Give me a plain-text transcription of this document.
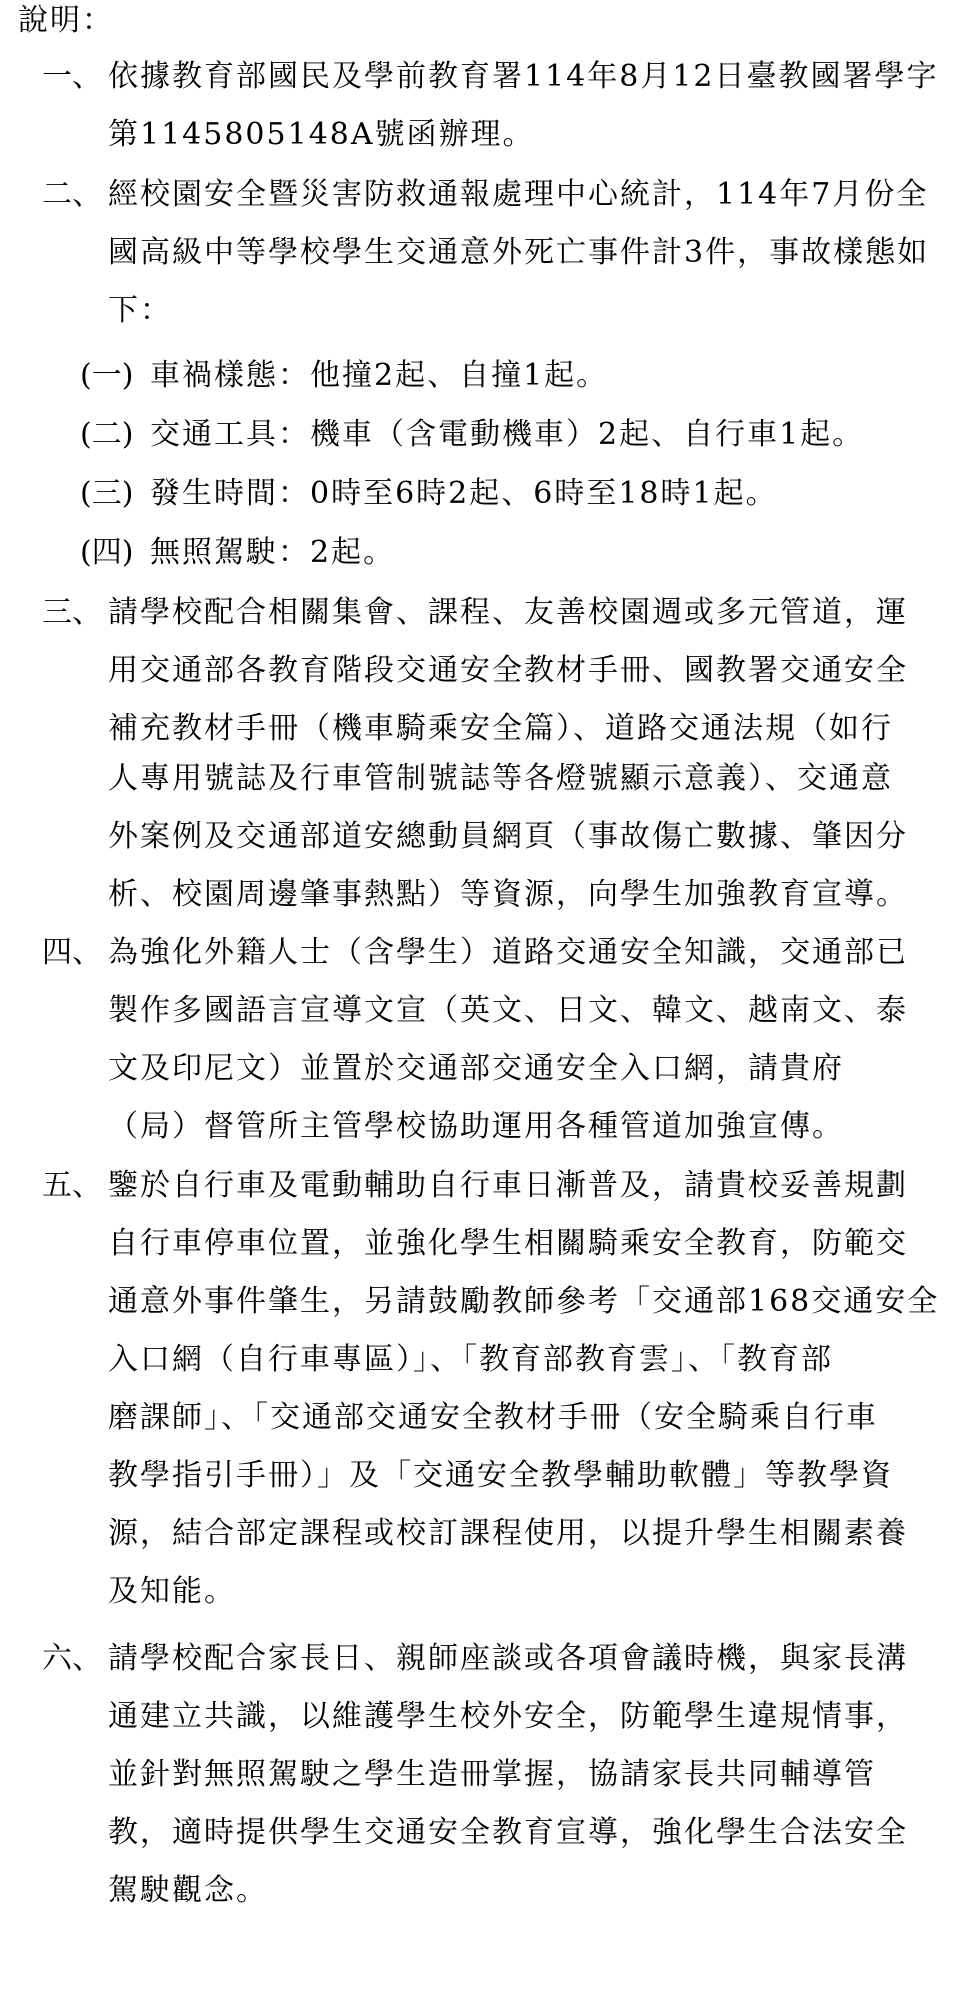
說明：
一、 依據教育部國民及學前教育署114年8月12日臺教國署學字
第1145805148A號函辦理。
二、 經校園安全暨災害防救通報處理中心統計，114年7月份全
國高級中等學校學生交通意外死亡事件計3件，事故樣態如
下：
(一) 車禍樣態：他撞2起、自撞1起。
(二) 交通工具：機車（含電動機車）2起、自行車1起。
(三) 發生時間：0時至6時2起、6時至18時1起。
(四) 無照駕駛：2起。
三、 請學校配合相關集會、課程、友善校園週或多元管道，運
用交通部各教育階段交通安全教材手冊、國教署交通安全
補充教材手冊（機車騎乘安全篇）、道路交通法規（如行
人專用號誌及行車管制號誌等各燈號顯示意義）、交通意
外案例及交通部道安總動員網頁（事故傷亡數據、肇因分
析、校園周邊肇事熱點）等資源，向學生加強教育宣導。
四、 為強化外籍人士（含學生）道路交通安全知識，交通部已
製作多國語言宣導文宣（英文、日文、韓文、越南文、泰
文及印尼文）並置於交通部交通安全入口網，請貴府
（局）督管所主管學校協助運用各種管道加強宣傳。
五、 鑒於自行車及電動輔助自行車日漸普及，請貴校妥善規劃
自行車停車位置，並強化學生相關騎乘安全教育，防範交
通意外事件肇生，另請鼓勵教師參考「交通部168交通安全
入口網（自行車專區）」、「教育部教育雲」、「教育部
磨課師」、「交通部交通安全教材手冊（安全騎乘自行車
教學指引手冊）」及「交通安全教學輔助軟體」等教學資
源，結合部定課程或校訂課程使用，以提升學生相關素養
及知能。
六、 請學校配合家長日、親師座談或各項會議時機，與家長溝
通建立共識，以維護學生校外安全，防範學生違規情事，
並針對無照駕駛之學生造冊掌握，協請家長共同輔導管
教，適時提供學生交通安全教育宣導，強化學生合法安全
駕駛觀念。
